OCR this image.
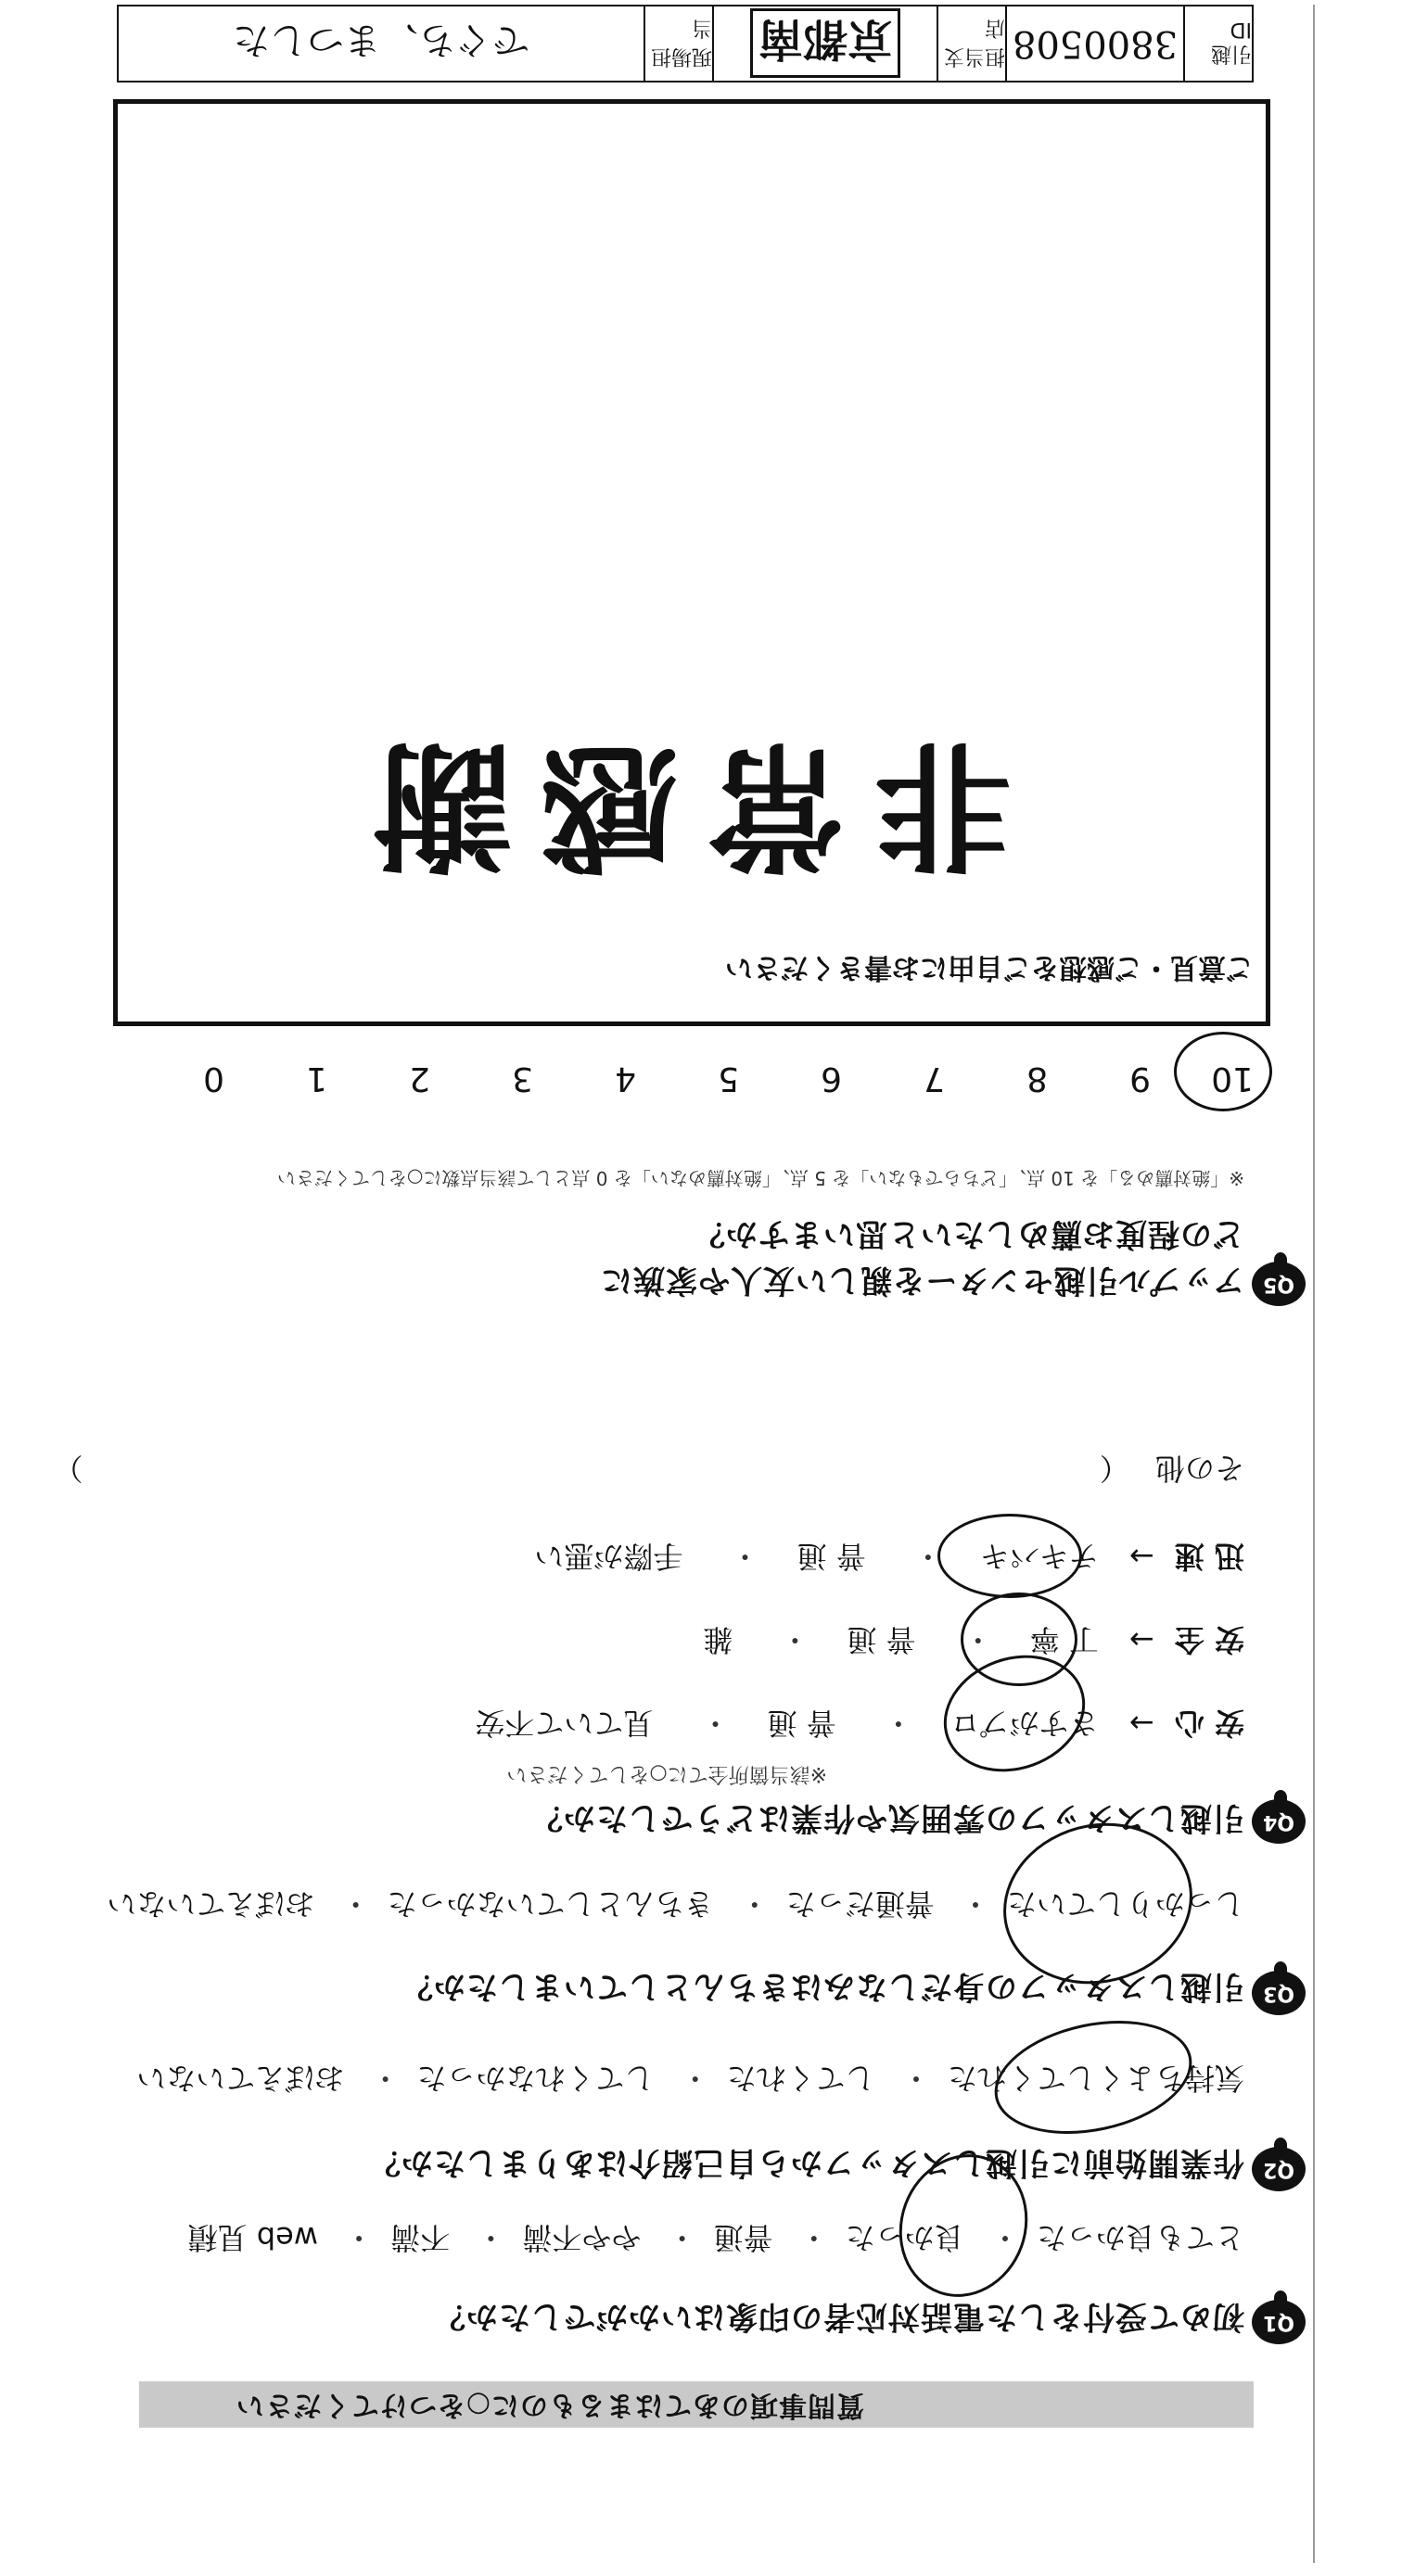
質問事項のあてはまるものに○をつけてください
Q1
初めて受付をした電話対応者の印象はいかがでしたか？
とても良かった・ 良かった・ 普通・ やや不満・ 不満・ web 見積
Q2
作業開始前に引越しスタッフから自己紹介はありましたか？
気持ちよくしてくれた・ してくれた・ してくれなかった・ おぼえていない
Q3
引越しスタッフの身だしなみはきちんとしていましたか？
しっかりしていた・ 普通だった・ きちんとしていなかった・ おぼえていない
Q4
引越しスタッフの雰囲気や作業はどうでしたか？
※該当箇所全てに○をしてください
安 心→ さすがプロ・ 普 通・ 見ていて不安
安 全→ 丁 寧・ 普 通・ 雑
迅 速→ テキパキ・ 普 通・ 手際が悪い
その他 （  ）
Q5
アップル引越センターを親しい友人や家族に
どの程度お薦めしたいと思いますか？
※「絶対薦める」を 10 点、「どちらでもない」を 5 点、「絶対薦めない」を 0 点として該当点数に○をしてください
109876543210
ご意見・ご感想をご自由にお書きください
非常感謝
引越 ID
3800508
担当支店
京都南
現場担当
でぐち、まつした
